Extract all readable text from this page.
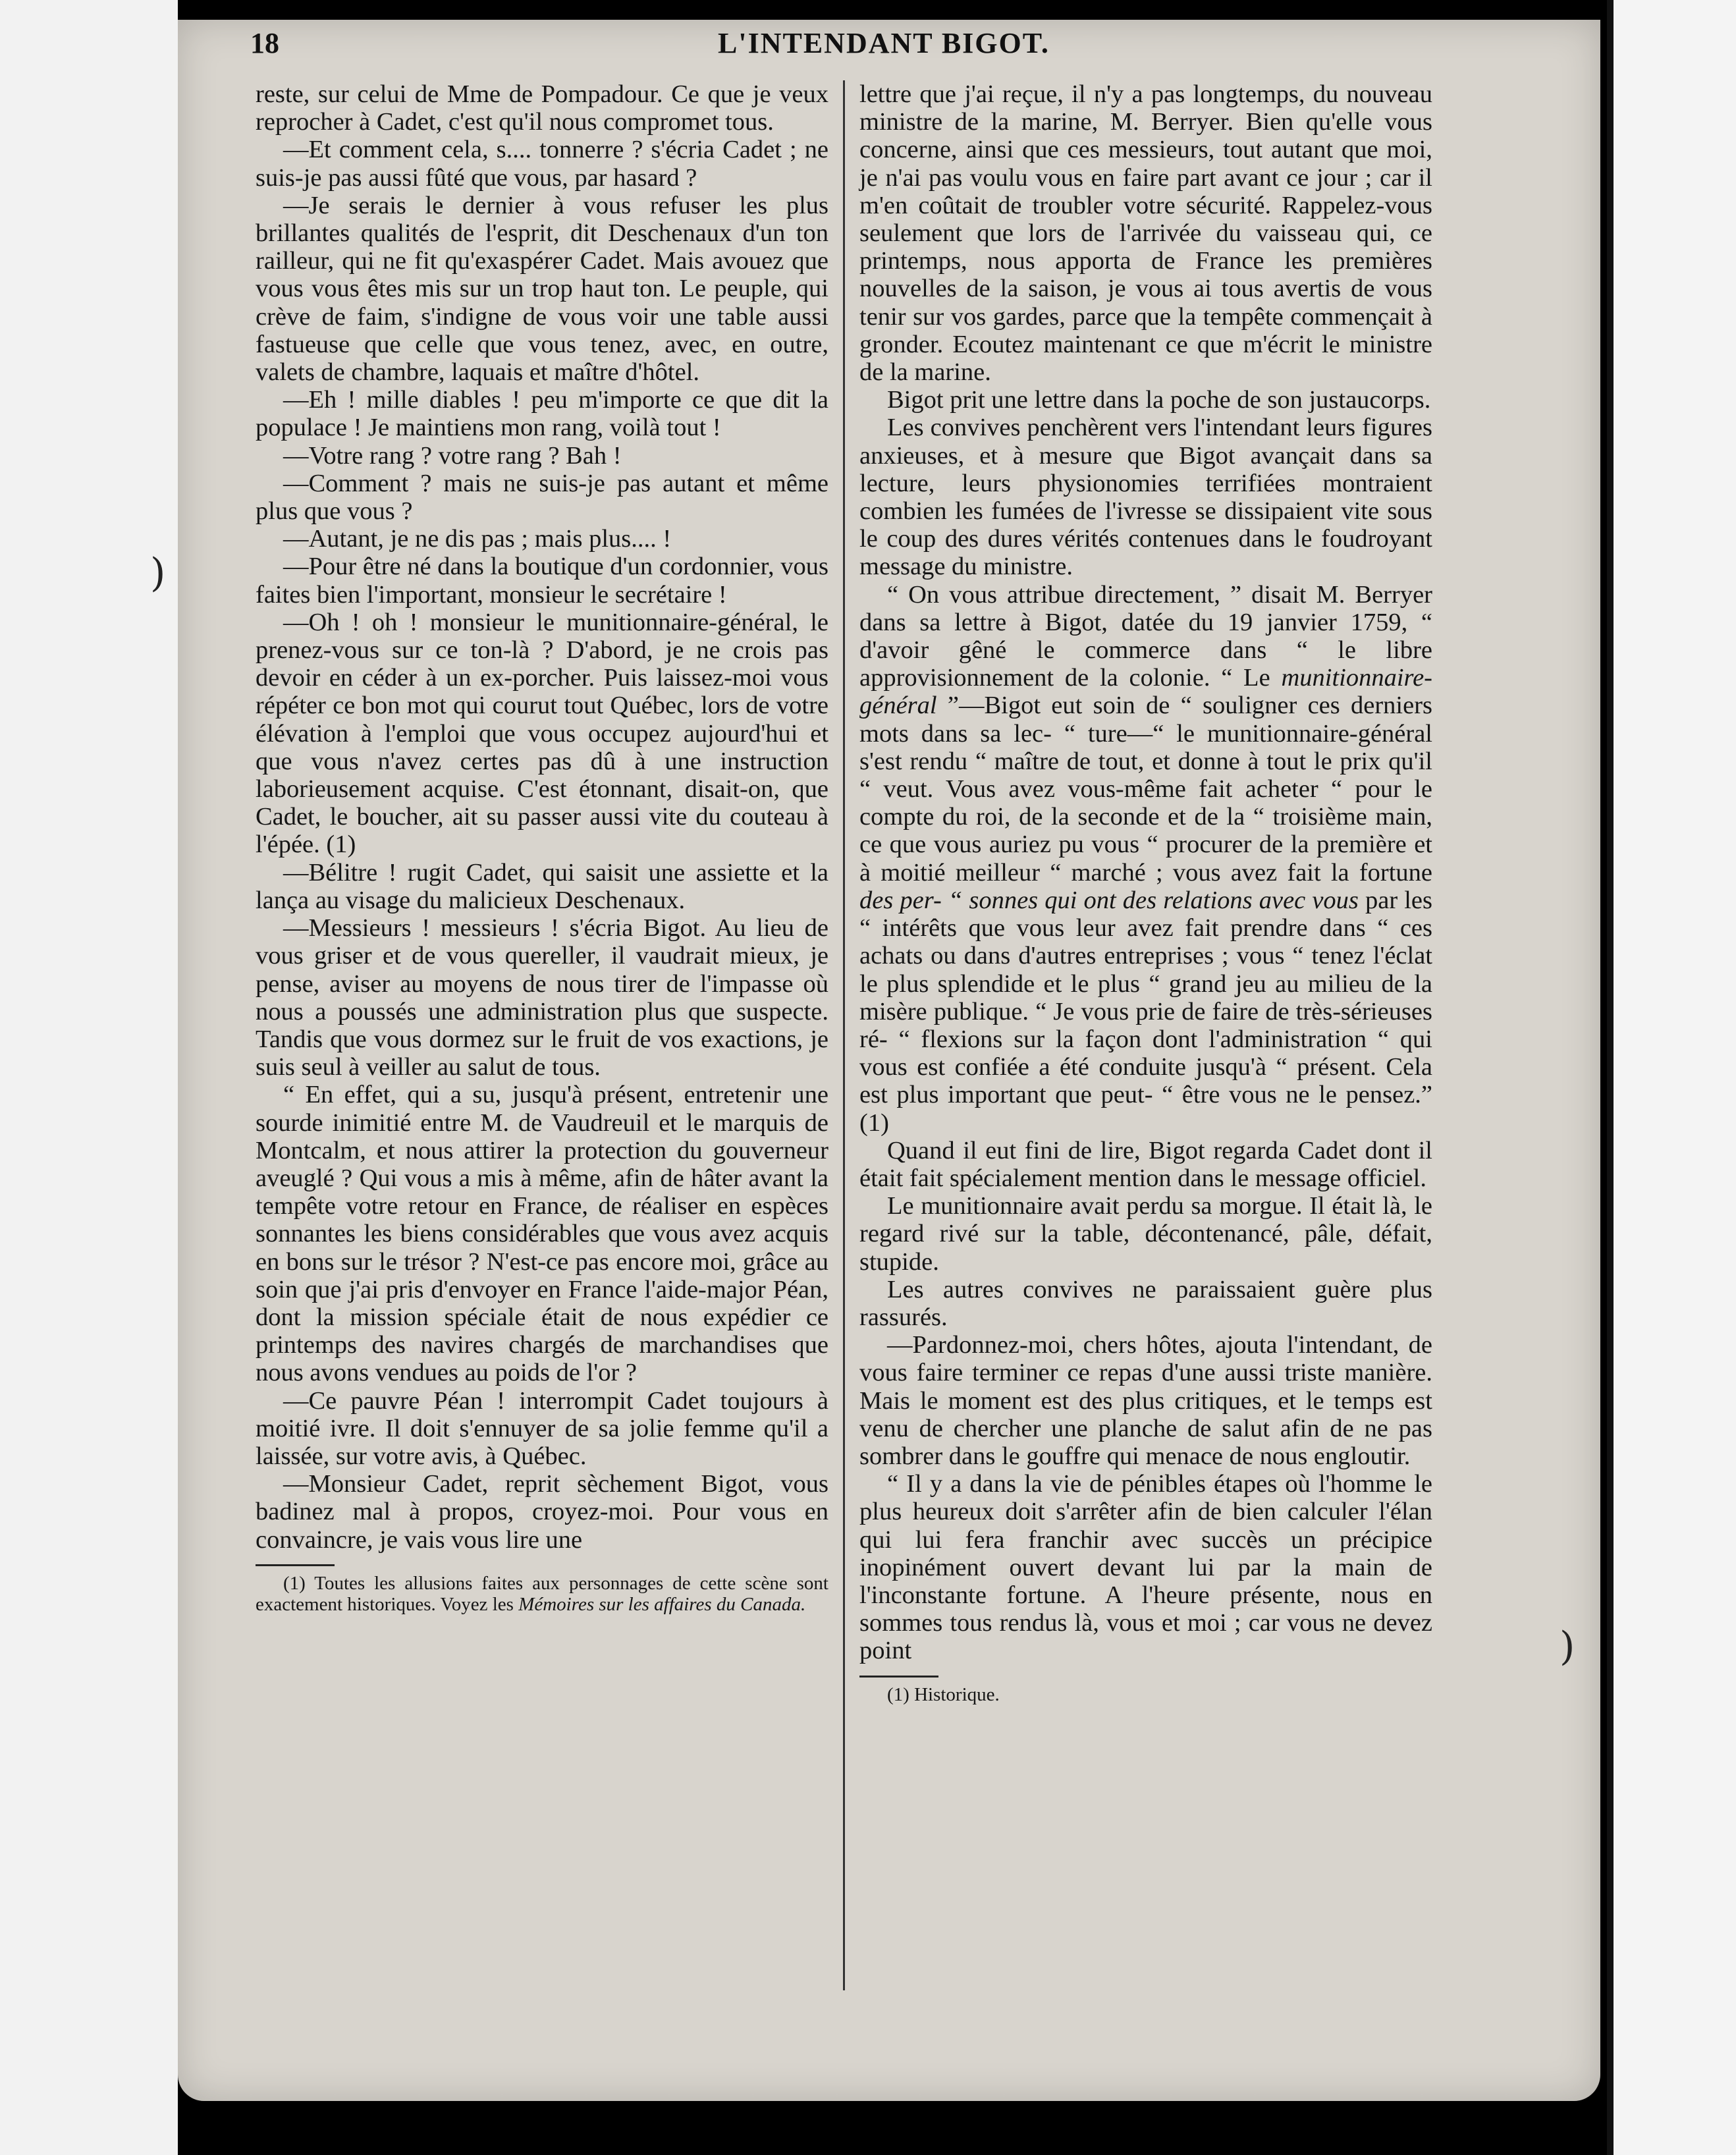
)
)
18	L'INTENDANT BIGOT.

reste, sur celui de Mme de Pompadour. Ce que je veux reprocher à Cadet, c'est qu'il nous compromet tous.

—Et comment cela, s.... tonnerre ? s'écria Cadet ; ne suis-je pas aussi fûté que vous, par hasard ?

—Je serais le dernier à vous refuser les plus brillantes qualités de l'esprit, dit Deschenaux d'un ton railleur, qui ne fit qu'exaspérer Cadet. Mais avouez que vous vous êtes mis sur un trop haut ton. Le peuple, qui crève de faim, s'indigne de vous voir une table aussi fastueuse que celle que vous tenez, avec, en outre, valets de chambre, laquais et maître d'hôtel.

—Eh ! mille diables ! peu m'importe ce que dit la populace ! Je maintiens mon rang, voilà tout !

—Votre rang ? votre rang ? Bah !

—Comment ? mais ne suis-je pas autant et même plus que vous ?

—Autant, je ne dis pas ; mais plus.... !

—Pour être né dans la boutique d'un cordonnier, vous faites bien l'important, monsieur le secrétaire !

—Oh ! oh ! monsieur le munitionnaire-général, le prenez-vous sur ce ton-là ? D'abord, je ne crois pas devoir en céder à un ex-porcher. Puis laissez-moi vous répéter ce bon mot qui courut tout Québec, lors de votre élévation à l'emploi que vous occupez aujourd'hui et que vous n'avez certes pas dû à une instruction laborieusement acquise. C'est étonnant, disait-on, que Cadet, le boucher, ait su passer aussi vite du couteau à l'épée. (1)

—Bélitre ! rugit Cadet, qui saisit une assiette et la lança au visage du malicieux Deschenaux.

—Messieurs ! messieurs ! s'écria Bigot. Au lieu de vous griser et de vous quereller, il vaudrait mieux, je pense, aviser au moyens de nous tirer de l'impasse où nous a poussés une administration plus que suspecte. Tandis que vous dormez sur le fruit de vos exactions, je suis seul à veiller au salut de tous.

“ En effet, qui a su, jusqu'à présent, entretenir une sourde inimitié entre M. de Vaudreuil et le marquis de Montcalm, et nous attirer la protection du gouverneur aveuglé ? Qui vous a mis à même, afin de hâter avant la tempête votre retour en France, de réaliser en espèces sonnantes les biens considérables que vous avez acquis en bons sur le trésor ? N'est-ce pas encore moi, grâce au soin que j'ai pris d'envoyer en France l'aide-major Péan, dont la mission spéciale était de nous expédier ce printemps des navires chargés de marchandises que nous avons vendues au poids de l'or ?

—Ce pauvre Péan ! interrompit Cadet toujours à moitié ivre. Il doit s'ennuyer de sa jolie femme qu'il a laissée, sur votre avis, à Québec.

—Monsieur Cadet, reprit sèchement Bigot, vous badinez mal à propos, croyez-moi. Pour vous en convaincre, je vais vous lire une

(1) Toutes les allusions faites aux personnages de cette scène sont exactement historiques. Voyez les Mémoires sur les affaires du Canada.

lettre que j'ai reçue, il n'y a pas longtemps, du nouveau ministre de la marine, M. Berryer. Bien qu'elle vous concerne, ainsi que ces messieurs, tout autant que moi, je n'ai pas voulu vous en faire part avant ce jour ; car il m'en coûtait de troubler votre sécurité. Rappelez-vous seulement que lors de l'arrivée du vaisseau qui, ce printemps, nous apporta de France les premières nouvelles de la saison, je vous ai tous avertis de vous tenir sur vos gardes, parce que la tempête commençait à gronder. Ecoutez maintenant ce que m'écrit le ministre de la marine.

Bigot prit une lettre dans la poche de son justaucorps.

Les convives penchèrent vers l'intendant leurs figures anxieuses, et à mesure que Bigot avançait dans sa lecture, leurs physionomies terrifiées montraient combien les fumées de l'ivresse se dissipaient vite sous le coup des dures vérités contenues dans le foudroyant message du ministre.

“ On vous attribue directement, ” disait M. Berryer dans sa lettre à Bigot, datée du 19 janvier 1759, “ d'avoir gêné le commerce dans “ le libre approvisionnement de la colonie. “ Le munitionnaire-général ”—Bigot eut soin de “ souligner ces derniers mots dans sa lec- “ ture—“ le munitionnaire-général s'est rendu “ maître de tout, et donne à tout le prix qu'il “ veut. Vous avez vous-même fait acheter “ pour le compte du roi, de la seconde et de la “ troisième main, ce que vous auriez pu vous “ procurer de la première et à moitié meilleur “ marché ; vous avez fait la fortune des per- “ sonnes qui ont des relations avec vous par les “ intérêts que vous leur avez fait prendre dans “ ces achats ou dans d'autres entreprises ; vous “ tenez l'éclat le plus splendide et le plus “ grand jeu au milieu de la misère publique. “ Je vous prie de faire de très-sérieuses ré- “ flexions sur la façon dont l'administration “ qui vous est confiée a été conduite jusqu'à “ présent. Cela est plus important que peut- “ être vous ne le pensez.” (1)

Quand il eut fini de lire, Bigot regarda Cadet dont il était fait spécialement mention dans le message officiel.

Le munitionnaire avait perdu sa morgue. Il était là, le regard rivé sur la table, décontenancé, pâle, défait, stupide.

Les autres convives ne paraissaient guère plus rassurés.

—Pardonnez-moi, chers hôtes, ajouta l'intendant, de vous faire terminer ce repas d'une aussi triste manière. Mais le moment est des plus critiques, et le temps est venu de chercher une planche de salut afin de ne pas sombrer dans le gouffre qui menace de nous engloutir.

“ Il y a dans la vie de pénibles étapes où l'homme le plus heureux doit s'arrêter afin de bien calculer l'élan qui lui fera franchir avec succès un précipice inopinément ouvert devant lui par la main de l'inconstante fortune. A l'heure présente, nous en sommes tous rendus là, vous et moi ; car vous ne devez point

(1) Historique.
